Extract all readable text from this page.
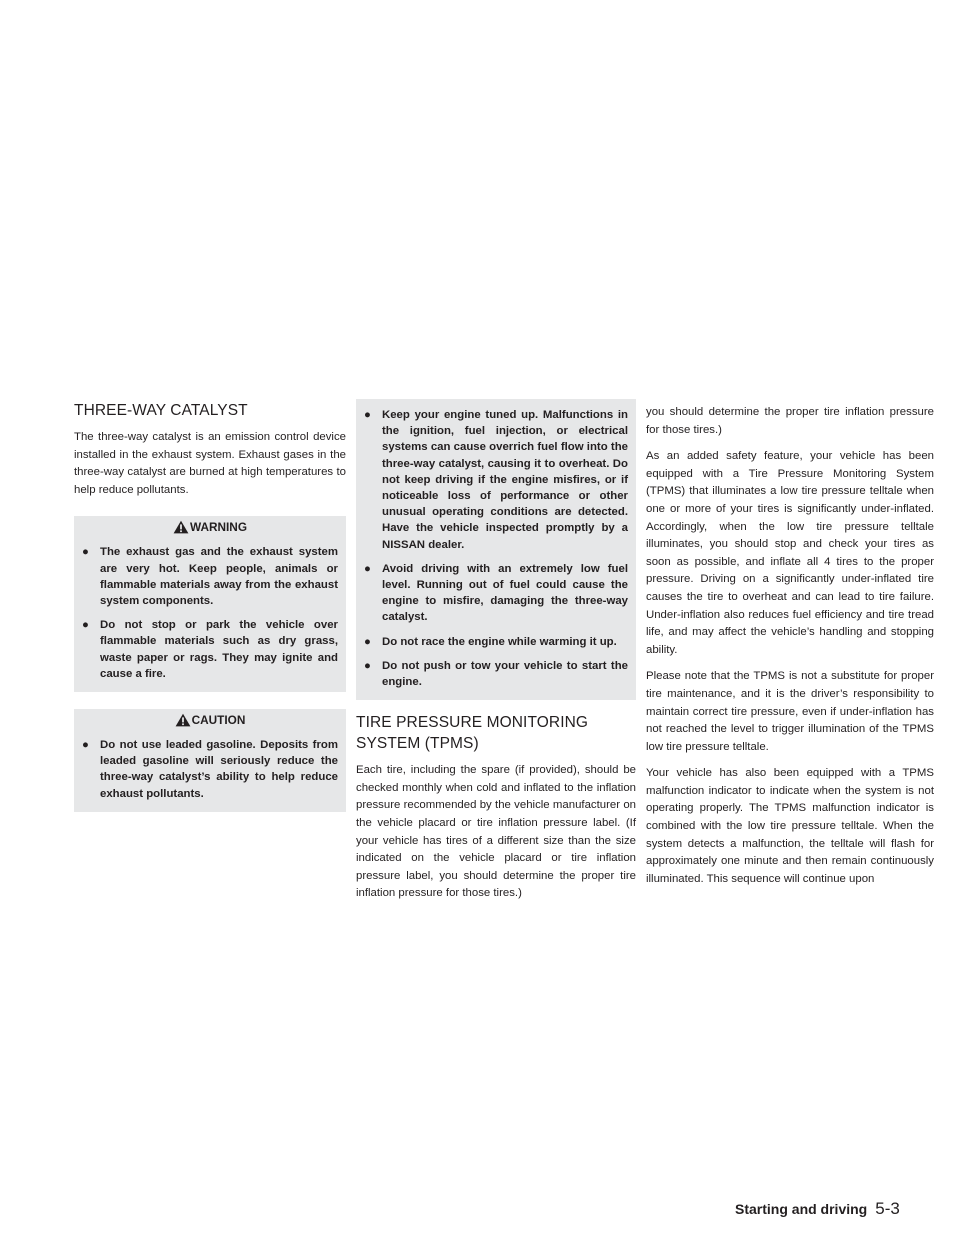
THREE-WAY CATALYST

The three-way catalyst is an emission control device installed in the exhaust system. Exhaust gases in the three-way catalyst are burned at high temperatures to help reduce pollutants.

WARNING
● The exhaust gas and the exhaust system are very hot. Keep people, animals or flammable materials away from the exhaust system components.
● Do not stop or park the vehicle over flammable materials such as dry grass, waste paper or rags. They may ignite and cause a fire.
CAUTION
● Do not use leaded gasoline. Deposits from leaded gasoline will seriously reduce the three-way catalyst’s ability to help reduce exhaust pollutants.
● Keep your engine tuned up. Malfunctions in the ignition, fuel injection, or electrical systems can cause overrich fuel flow into the three-way catalyst, causing it to overheat. Do not keep driving if the engine misfires, or if noticeable loss of performance or other unusual operating conditions are detected. Have the vehicle inspected promptly by a NISSAN dealer.
● Avoid driving with an extremely low fuel level. Running out of fuel could cause the engine to misfire, damaging the three-way catalyst.
● Do not race the engine while warming it up.
● Do not push or tow your vehicle to start the engine.
TIRE PRESSURE MONITORING SYSTEM (TPMS)

Each tire, including the spare (if provided), should be checked monthly when cold and inflated to the inflation pressure recommended by the vehicle manufacturer on the vehicle placard or tire inflation pressure label. (If your vehicle has tires of a different size than the size indicated on the vehicle placard or tire inflation pressure label, you should determine the proper tire inflation pressure for those tires.)

you should determine the proper tire inflation pressure for those tires.)

As an added safety feature, your vehicle has been equipped with a Tire Pressure Monitoring System (TPMS) that illuminates a low tire pressure telltale when one or more of your tires is significantly under-inflated. Accordingly, when the low tire pressure telltale illuminates, you should stop and check your tires as soon as possible, and inflate all 4 tires to the proper pressure. Driving on a significantly under-inflated tire causes the tire to overheat and can lead to tire failure. Under-inflation also reduces fuel efficiency and tire tread life, and may affect the vehicle’s handling and stopping ability.

Please note that the TPMS is not a substitute for proper tire maintenance, and it is the driver’s responsibility to maintain correct tire pressure, even if under-inflation has not reached the level to trigger illumination of the TPMS low tire pressure telltale.

Your vehicle has also been equipped with a TPMS malfunction indicator to indicate when the system is not operating properly. The TPMS malfunction indicator is combined with the low tire pressure telltale. When the system detects a malfunction, the telltale will flash for approximately one minute and then remain continuously illuminated. This sequence will continue upon

Starting and driving 5-3
